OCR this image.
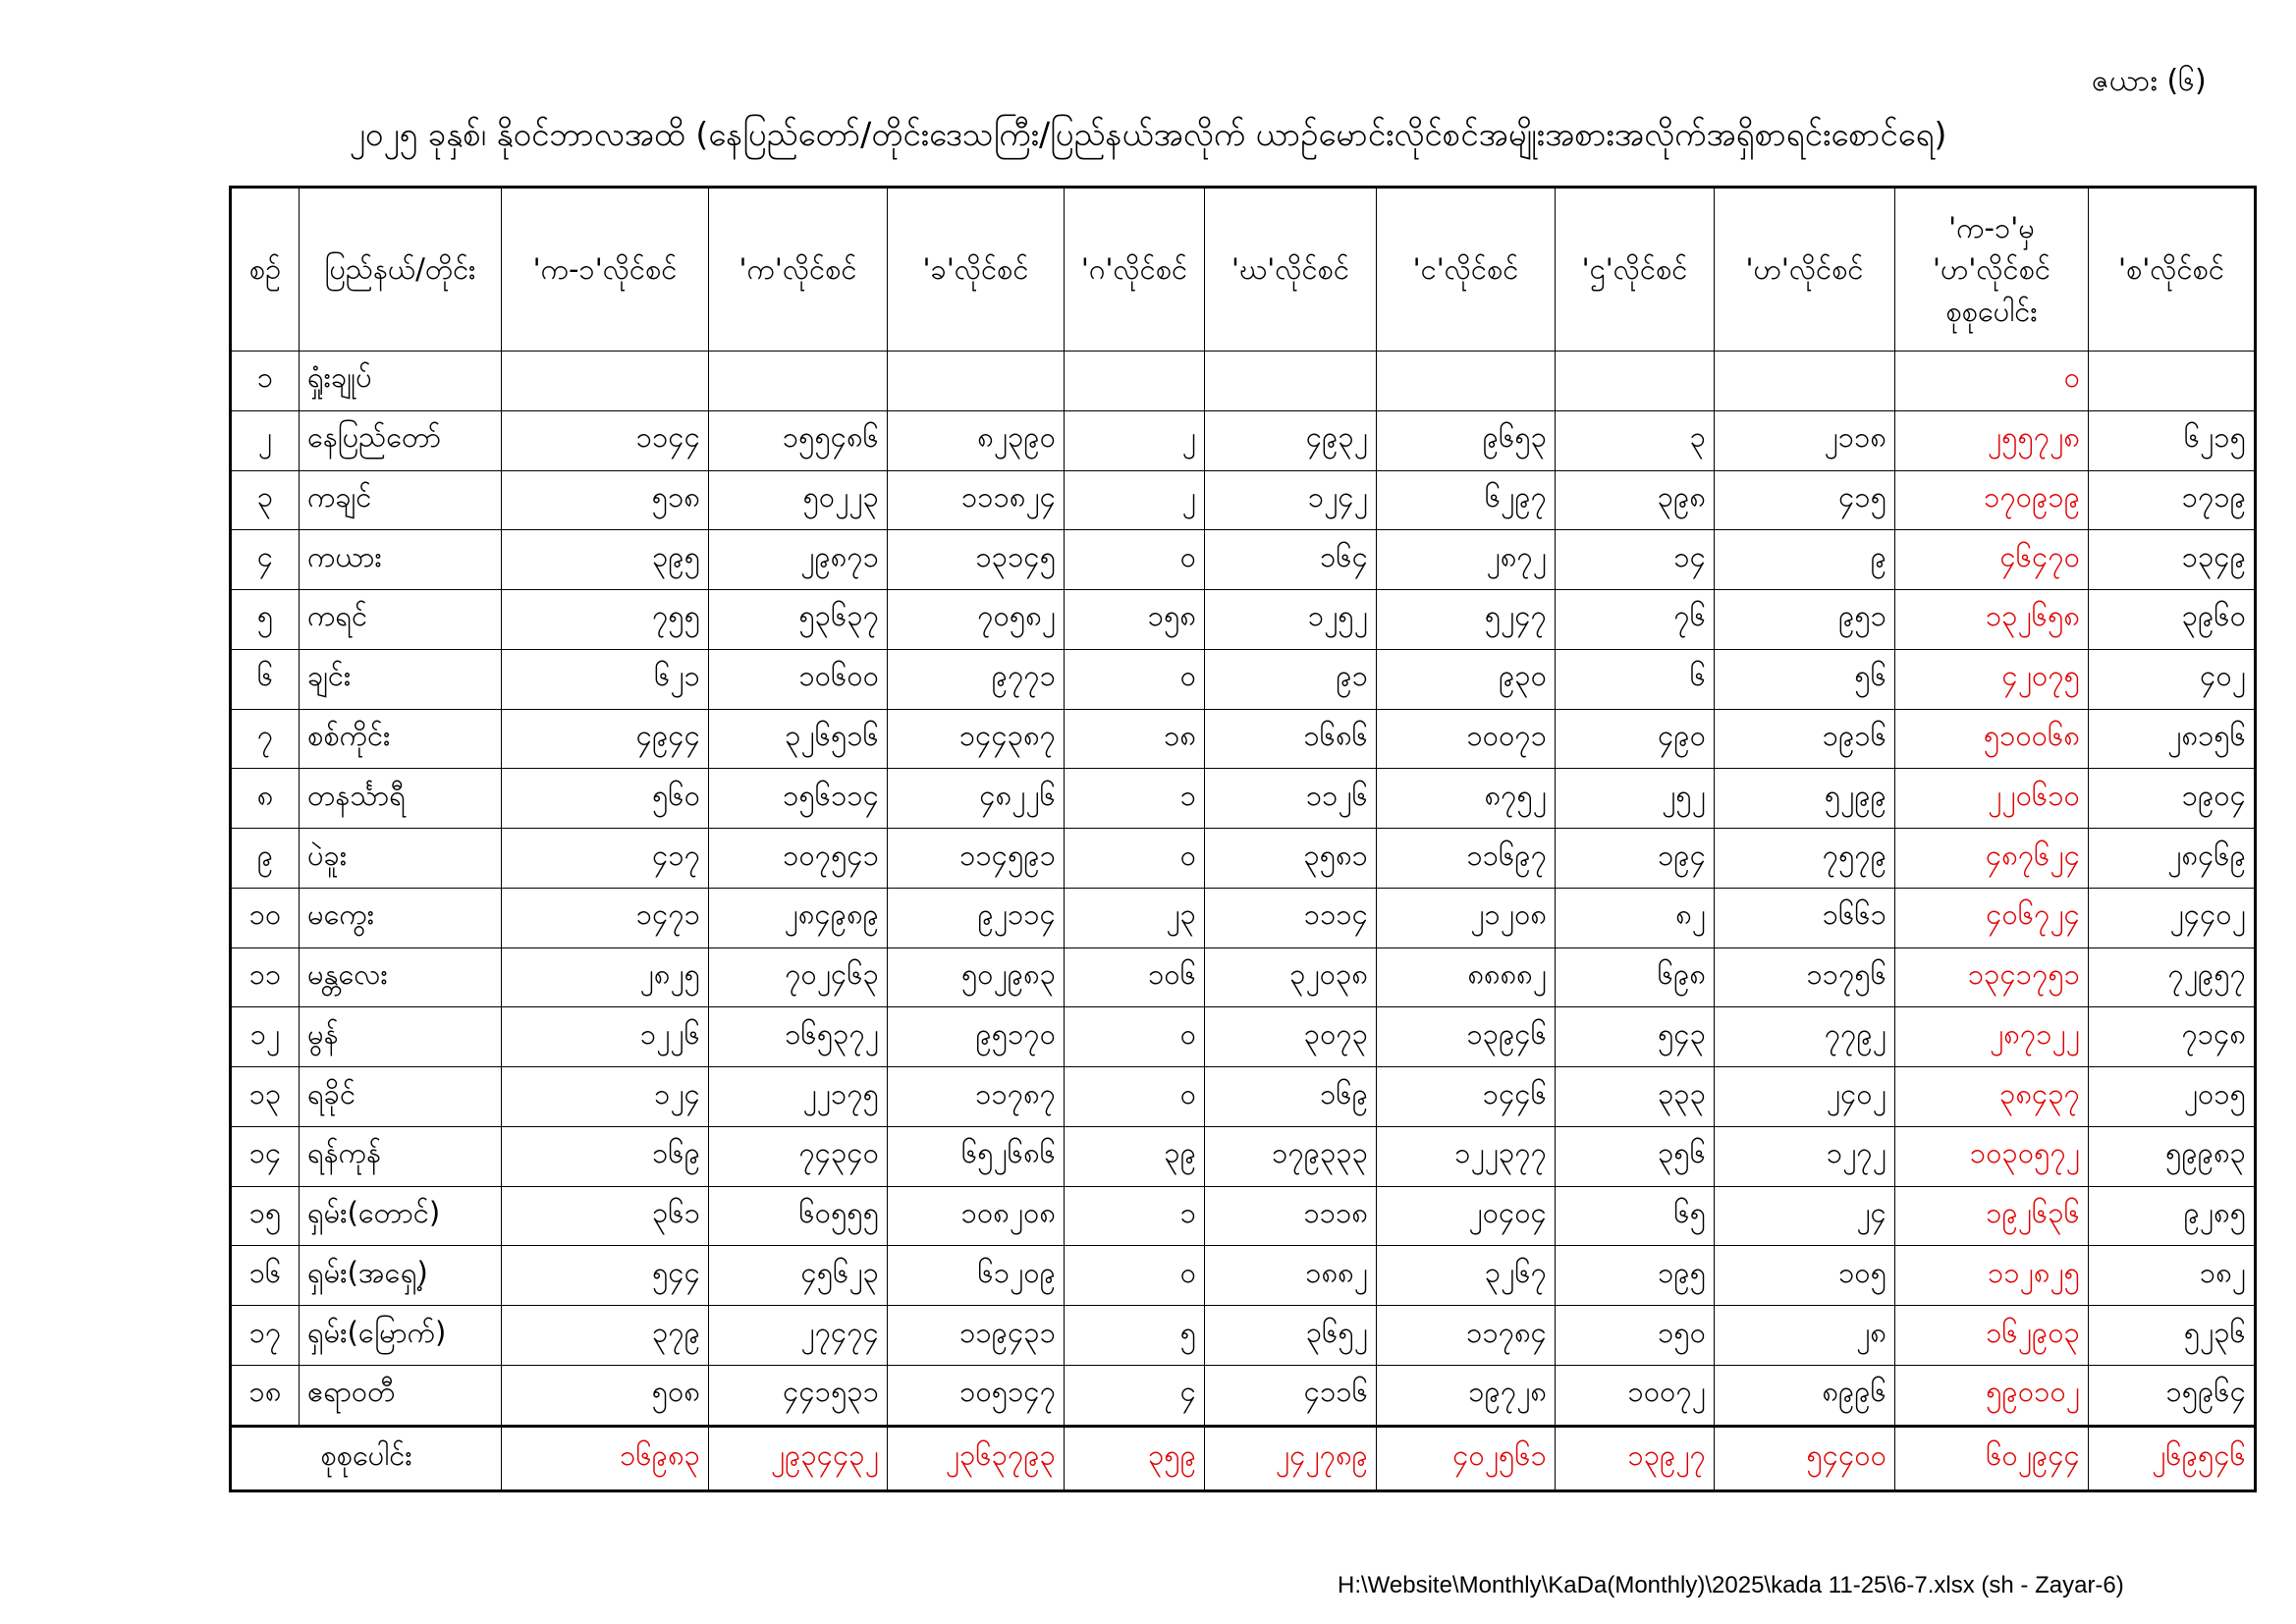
ဇယား (၆)
၂၀၂၅ ခုနှစ်၊ နိုဝင်ဘာလအထိ (နေပြည်တော်/တိုင်းဒေသကြီး/ပြည်နယ်အလိုက် ယာဉ်မောင်းလိုင်စင်အမျိုးအစားအလိုက်အရှိစာရင်းစောင်ရေ)
စဉ်	ပြည်နယ်/တိုင်း	'က-၁'လိုင်စင်	'က'လိုင်စင်	'ခ'လိုင်စင်	'ဂ'လိုင်စင်	'ဃ'လိုင်စင်	'င'လိုင်စင်	'ဌ'လိုင်စင်	'ဟ'လိုင်စင်	'က-၁'မှ 'ဟ'လိုင်စင် စုစုပေါင်း	'စ'လိုင်စင်
၁	ရှုံးချုပ်									၀	
၂	နေပြည်တော်	၁၁၄၄	၁၅၅၄၈၆	၈၂၃၉၀	၂	၄၉၃၂	၉၆၅၃	၃	၂၁၁၈	၂၅၅၇၂၈	၆၂၁၅
၃	ကချင်	၅၁၈	၅၀၂၂၃	၁၁၁၈၂၄	၂	၁၂၄၂	၆၂၉၇	၃၉၈	၄၁၅	၁၇၀၉၁၉	၁၇၁၉
၄	ကယား	၃၉၅	၂၉၈၇၁	၁၃၁၄၅	၀	၁၆၄	၂၈၇၂	၁၄	၉	၄၆၄၇၀	၁၃၄၉
၅	ကရင်	၇၅၅	၅၃၆၃၇	၇၀၅၈၂	၁၅၈	၁၂၅၂	၅၂၄၇	၇၆	၉၅၁	၁၃၂၆၅၈	၃၉၆၀
၆	ချင်း	၆၂၁	၁၀၆၀၀	၉၇၇၁	၀	၉၁	၉၃၀	၆	၅၆	၄၂၀၇၅	၄၀၂
၇	စစ်ကိုင်း	၄၉၄၄	၃၂၆၅၁၆	၁၄၄၃၈၇	၁၈	၁၆၈၆	၁၀၀၇၁	၄၉၀	၁၉၁၆	၅၁၀၀၆၈	၂၈၁၅၆
၈	တနင်္သာရီ	၅၆၀	၁၅၆၁၁၄	၄၈၂၂၆	၁	၁၁၂၆	၈၇၅၂	၂၅၂	၅၂၉၉	၂၂၀၆၁၀	၁၉၀၄
၉	ပဲခူး	၄၁၇	၁၀၇၅၄၁	၁၁၄၅၉၁	၀	၃၅၈၁	၁၁၆၉၇	၁၉၄	၇၅၇၉	၄၈၇၆၂၄	၂၈၄၆၉
၁၀	မကွေး	၁၄၇၁	၂၈၄၉၈၉	၉၂၁၁၄	၂၃	၁၁၁၄	၂၁၂၀၈	၈၂	၁၆၆၁	၄၀၆၇၂၄	၂၄၄၀၂
၁၁	မန္တလေး	၂၈၂၅	၇၀၂၄၆၃	၅၀၂၉၈၃	၁၀၆	၃၂၀၃၈	၈၈၈၈၂	၆၉၈	၁၁၇၅၆	၁၃၄၁၇၅၁	၇၂၉၅၇
၁၂	မွန်	၁၂၂၆	၁၆၅၃၇၂	၉၅၁၇၀	၀	၃၀၇၃	၁၃၉၄၆	၅၄၃	၇၇၉၂	၂၈၇၁၂၂	၇၁၄၈
၁၃	ရခိုင်	၁၂၄	၂၂၁၇၅	၁၁၇၈၇	၀	၁၆၉	၁၄၄၆	၃၃၃	၂၄၀၂	၃၈၄၃၇	၂၀၁၅
၁၄	ရန်ကုန်	၁၆၉	၇၄၃၄၀	၆၅၂၆၈၆	၃၉	၁၇၉၃၃၃	၁၂၂၃၇၇	၃၅၆	၁၂၇၂	၁၀၃၀၅၇၂	၅၉၉၈၃
၁၅	ရှမ်း(တောင်)	၃၆၁	၆၀၅၅၅	၁၀၈၂၀၈	၁	၁၁၁၈	၂၀၄၀၄	၆၅	၂၄	၁၉၂၆၃၆	၉၂၈၅
၁၆	ရှမ်း(အရှေ့)	၅၄၄	၄၅၆၂၃	၆၁၂၀၉	၀	၁၈၈၂	၃၂၆၇	၁၉၅	၁၀၅	၁၁၂၈၂၅	၁၈၂
၁၇	ရှမ်း(မြောက်)	၃၇၉	၂၇၄၇၄	၁၁၉၄၃၁	၅	၃၆၅၂	၁၁၇၈၄	၁၅၀	၂၈	၁၆၂၉၀၃	၅၂၃၆
၁၈	ဧရာဝတီ	၅၀၈	၄၄၁၅၃၁	၁၀၅၁၄၇	၄	၄၁၁၆	၁၉၇၂၈	၁၀၀၇၂	၈၉၉၆	၅၉၀၁၀၂	၁၅၉၆၄
စုစုပေါင်း		၁၆၉၈၃	၂၉၃၄၄၃၂	၂၃၆၃၇၉၃	၃၅၉	၂၄၂၇၈၉	၄၀၂၅၆၁	၁၃၉၂၇	၅၄၄၀၀	၆၀၂၉၄၄	၂၆၉၅၄၆
H:\Website\Monthly\KaDa(Monthly)\2025\kada 11-25\6-7.xlsx (sh - Zayar-6)
